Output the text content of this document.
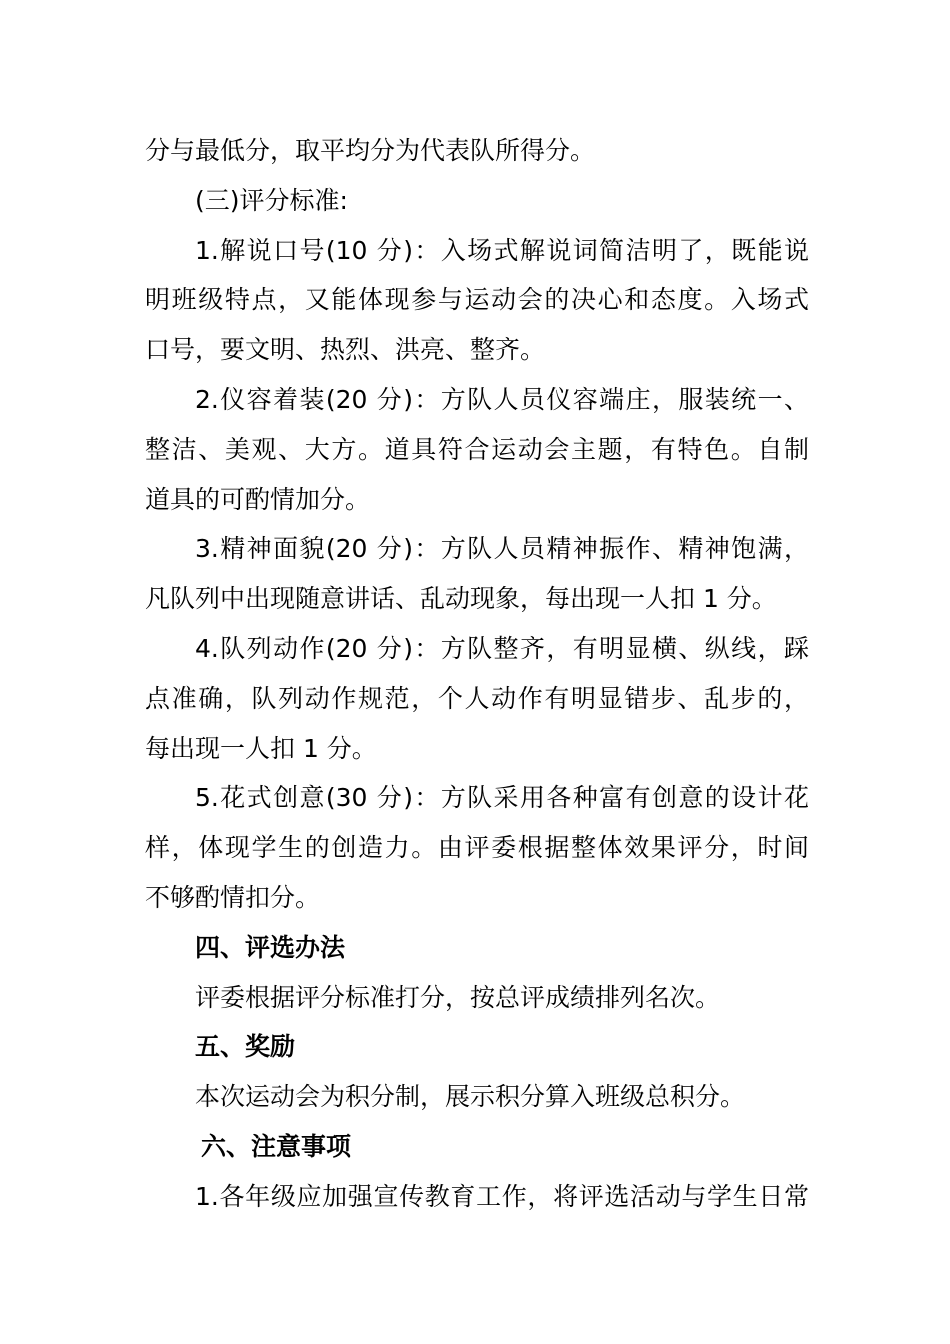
分与最低分，取平均分为代表队所得分。
(三)评分标准:
1.解说口号(10 分)：入场式解说词简洁明了，既能说
明班级特点，又能体现参与运动会的决心和态度。入场式
口号，要文明、热烈、洪亮、整齐。
2.仪容着装(20 分)：方队人员仪容端庄，服装统一、
整洁、美观、大方。道具符合运动会主题，有特色。自制
道具的可酌情加分。
3.精神面貌(20 分)：方队人员精神振作、精神饱满，
凡队列中出现随意讲话、乱动现象，每出现一人扣 1 分。
4.队列动作(20 分)：方队整齐，有明显横、纵线，踩
点准确，队列动作规范，个人动作有明显错步、乱步的，
每出现一人扣 1 分。
5.花式创意(30 分)：方队采用各种富有创意的设计花
样，体现学生的创造力。由评委根据整体效果评分，时间
不够酌情扣分。
四、评选办法
评委根据评分标准打分，按总评成绩排列名次。
五、奖励
本次运动会为积分制，展示积分算入班级总积分。
六、注意事项
1.各年级应加强宣传教育工作，将评选活动与学生日常
